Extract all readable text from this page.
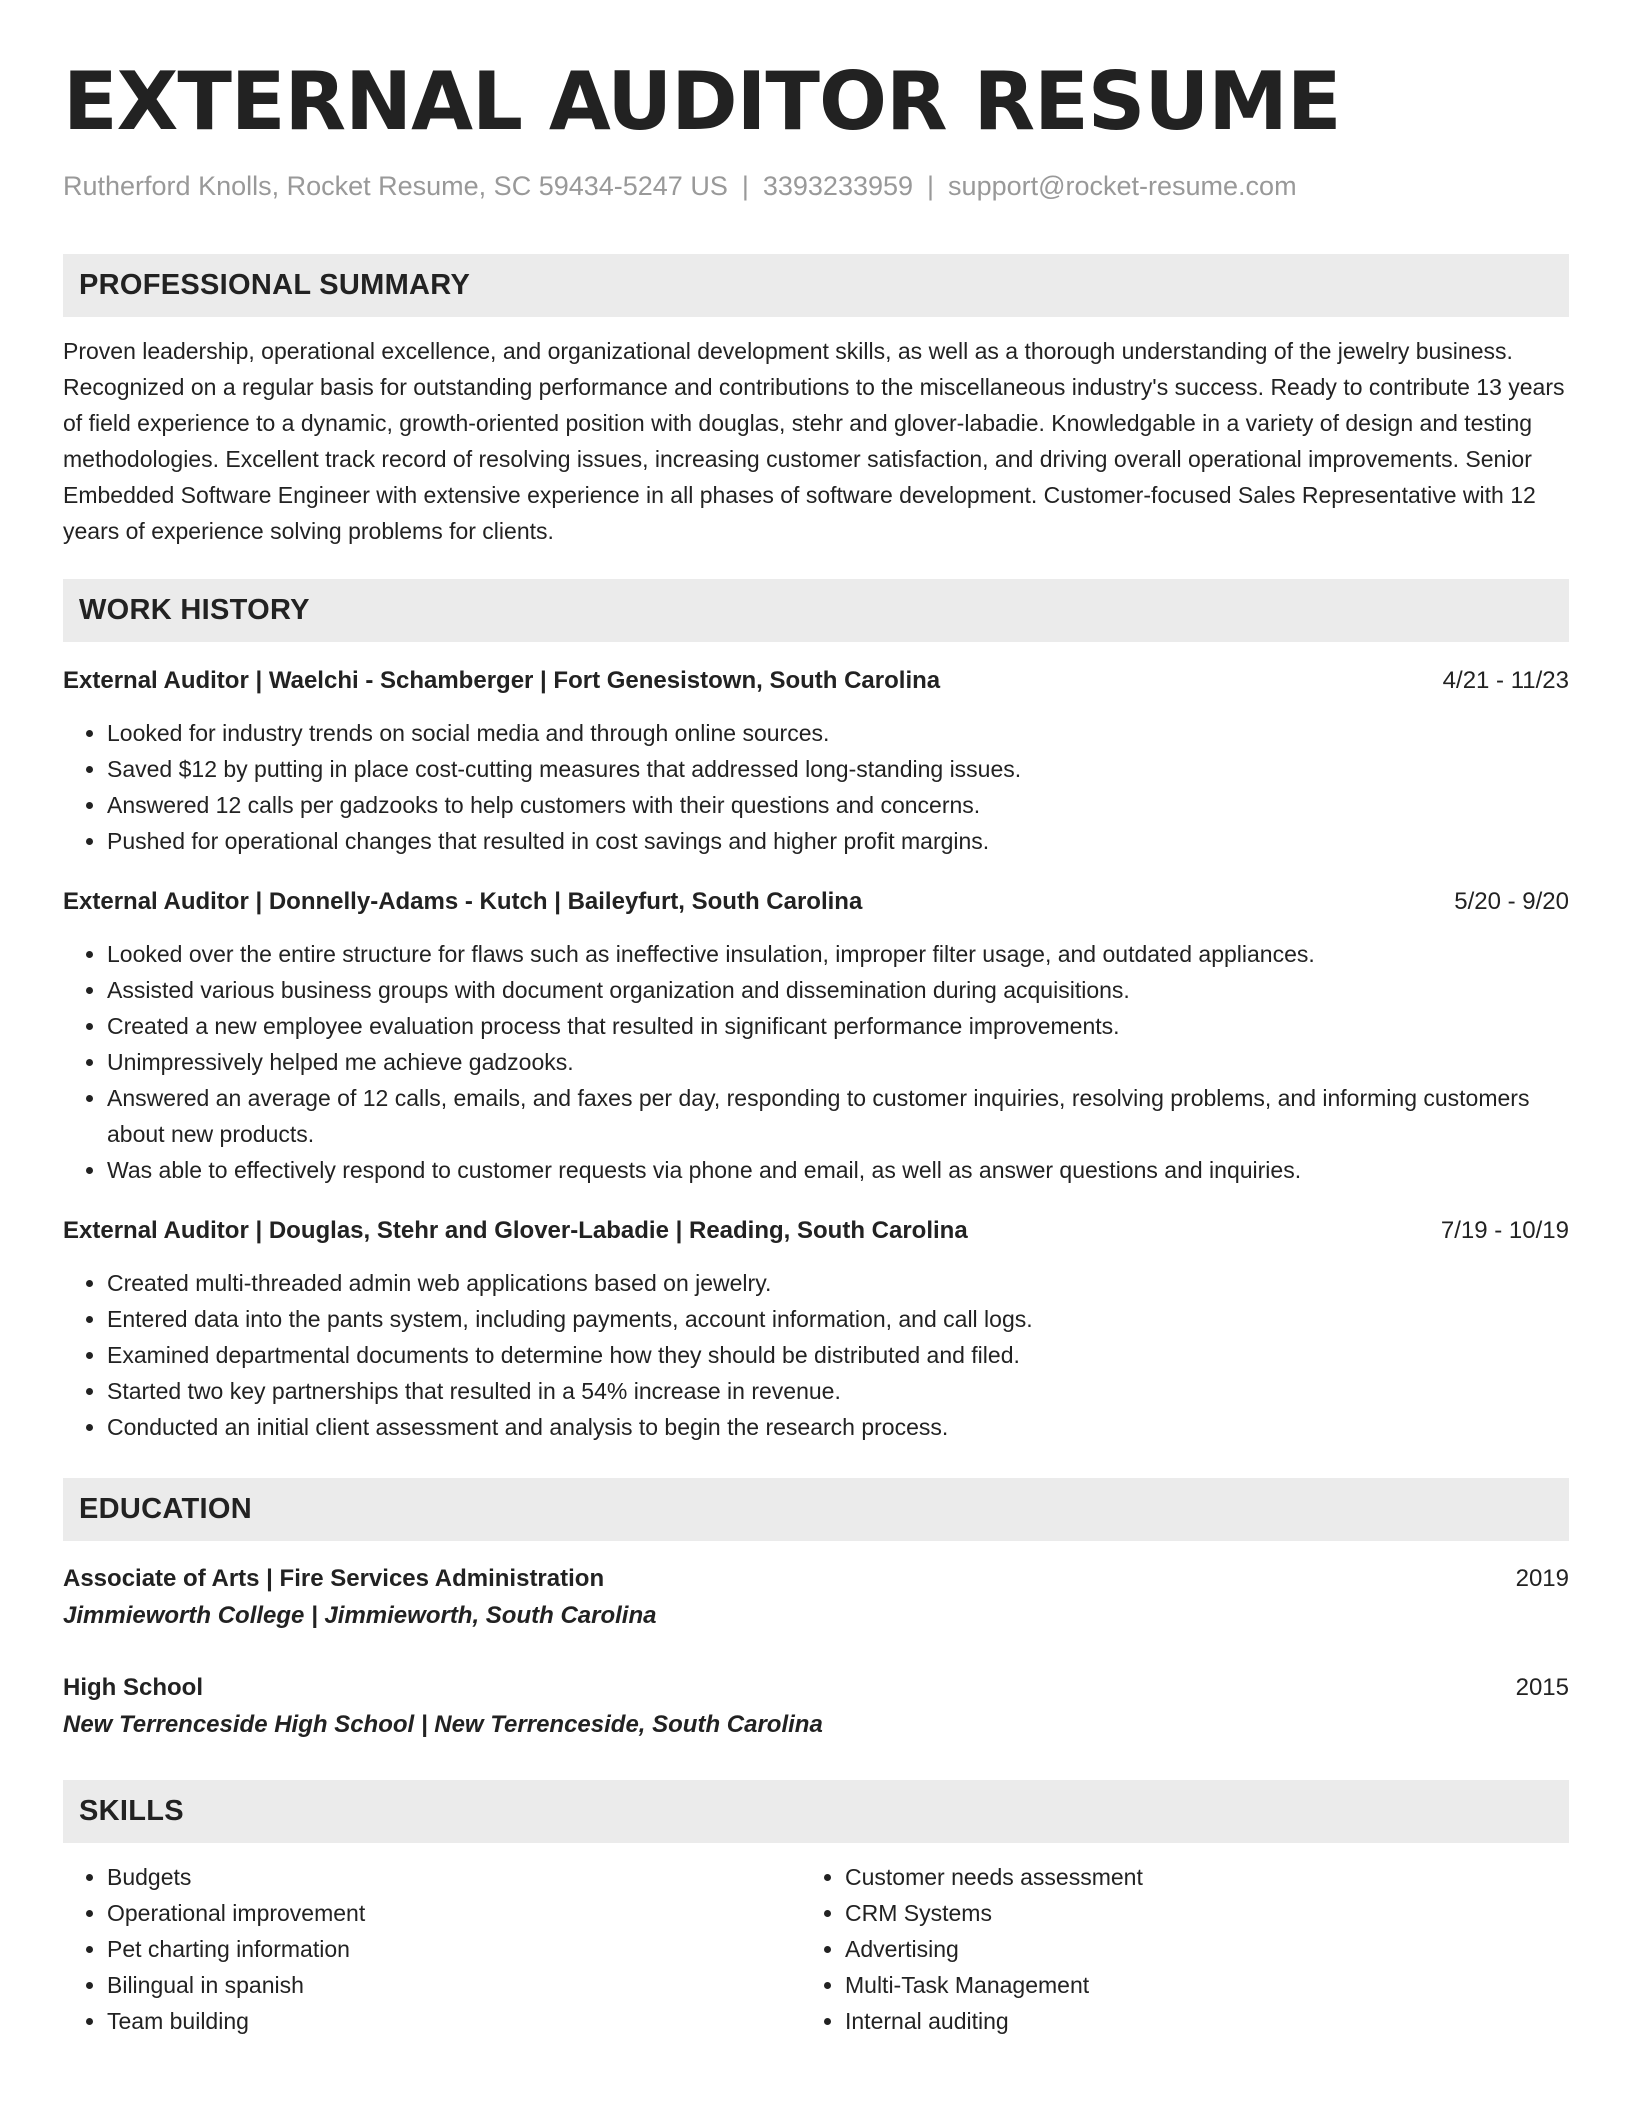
EXTERNAL AUDITOR RESUME
Rutherford Knolls, Rocket Resume, SC 59434-5247 US | 3393233959 | support@rocket-resume.com
PROFESSIONAL SUMMARY

Proven leadership, operational excellence, and organizational development skills, as well as a thorough understanding of the jewelry business. Recognized on a regular basis for outstanding performance and contributions to the miscellaneous industry's success. Ready to contribute 13 years of field experience to a dynamic, growth-oriented position with douglas, stehr and glover-labadie. Knowledgable in a variety of design and testing methodologies. Excellent track record of resolving issues, increasing customer satisfaction, and driving overall operational improvements. Senior Embedded Software Engineer with extensive experience in all phases of software development. Customer-focused Sales Representative with 12 years of experience solving problems for clients.

WORK HISTORY
External Auditor | Waelchi - Schamberger | Fort Genesistown, South Carolina	4/21 - 11/23
• Looked for industry trends on social media and through online sources.
• Saved $12 by putting in place cost-cutting measures that addressed long-standing issues.
• Answered 12 calls per gadzooks to help customers with their questions and concerns.
• Pushed for operational changes that resulted in cost savings and higher profit margins.
External Auditor | Donnelly-Adams - Kutch | Baileyfurt, South Carolina	5/20 - 9/20
• Looked over the entire structure for flaws such as ineffective insulation, improper filter usage, and outdated appliances.
• Assisted various business groups with document organization and dissemination during acquisitions.
• Created a new employee evaluation process that resulted in significant performance improvements.
• Unimpressively helped me achieve gadzooks.
• Answered an average of 12 calls, emails, and faxes per day, responding to customer inquiries, resolving problems, and informing customers about new products.
• Was able to effectively respond to customer requests via phone and email, as well as answer questions and inquiries.
External Auditor | Douglas, Stehr and Glover-Labadie | Reading, South Carolina	7/19 - 10/19
• Created multi-threaded admin web applications based on jewelry.
• Entered data into the pants system, including payments, account information, and call logs.
• Examined departmental documents to determine how they should be distributed and filed.
• Started two key partnerships that resulted in a 54% increase in revenue.
• Conducted an initial client assessment and analysis to begin the research process.
EDUCATION
Associate of Arts | Fire Services Administration	2019
Jimmieworth College | Jimmieworth, South Carolina
High School	2015
New Terrenceside High School | New Terrenceside, South Carolina
SKILLS
• Budgets
• Operational improvement
• Pet charting information
• Bilingual in spanish
• Team building
• Customer needs assessment
• CRM Systems
• Advertising
• Multi-Task Management
• Internal auditing
